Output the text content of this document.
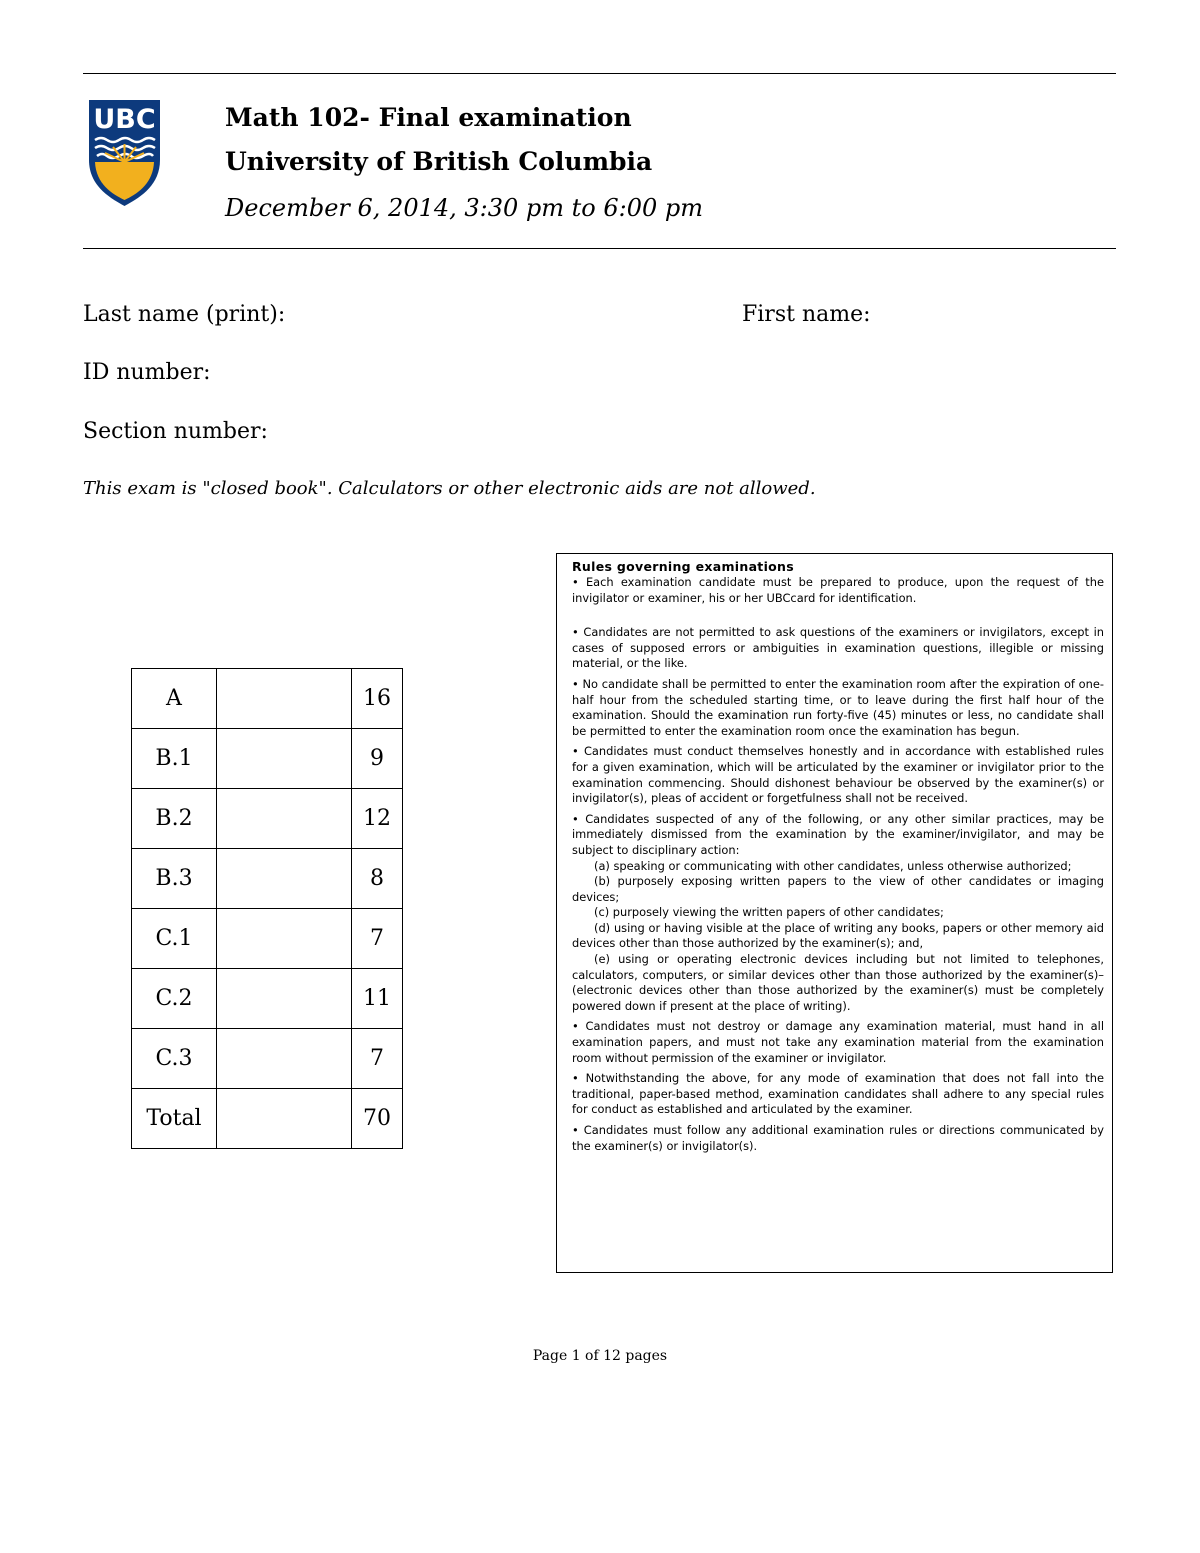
UBC	Math 102- Final examination
University of British Columbia
December 6, 2014, 3:30 pm to 6:00 pm
Last name (print):	First name:
ID number:
Section number:
This exam is "closed book". Calculators or other electronic aids are not allowed.
A		16
B.1		9
B.2		12
B.3		8
C.1		7
C.2		11
C.3		7
Total		70
Rules governing examinations

• Each examination candidate must be prepared to produce, upon the request of the invigilator or examiner, his or her UBCcard for identification.

• Candidates are not permitted to ask questions of the examiners or invigilators, except in cases of supposed errors or ambiguities in examination questions, illegible or missing material, or the like.

• No candidate shall be permitted to enter the examination room after the expiration of one-half hour from the scheduled starting time, or to leave during the first half hour of the examination. Should the examination run forty-five (45) minutes or less, no candidate shall be permitted to enter the examination room once the examination has begun.

• Candidates must conduct themselves honestly and in accordance with established rules for a given examination, which will be articulated by the examiner or invigilator prior to the examination commencing. Should dishonest behaviour be observed by the examiner(s) or invigilator(s), pleas of accident or forgetfulness shall not be received.

• Candidates suspected of any of the following, or any other similar practices, may be immediately dismissed from the examination by the examiner/invigilator, and may be subject to disciplinary action:

(a) speaking or communicating with other candidates, unless otherwise authorized;

(b) purposely exposing written papers to the view of other candidates or imaging devices;

(c) purposely viewing the written papers of other candidates;

(d) using or having visible at the place of writing any books, papers or other memory aid devices other than those authorized by the examiner(s); and,

(e) using or operating electronic devices including but not limited to telephones, calculators, computers, or similar devices other than those authorized by the examiner(s)–(electronic devices other than those authorized by the examiner(s) must be completely powered down if present at the place of writing).

• Candidates must not destroy or damage any examination material, must hand in all examination papers, and must not take any examination material from the examination room without permission of the examiner or invigilator.

• Notwithstanding the above, for any mode of examination that does not fall into the traditional, paper-based method, examination candidates shall adhere to any special rules for conduct as established and articulated by the examiner.

• Candidates must follow any additional examination rules or directions communicated by the examiner(s) or invigilator(s).

Page 1 of 12 pages
